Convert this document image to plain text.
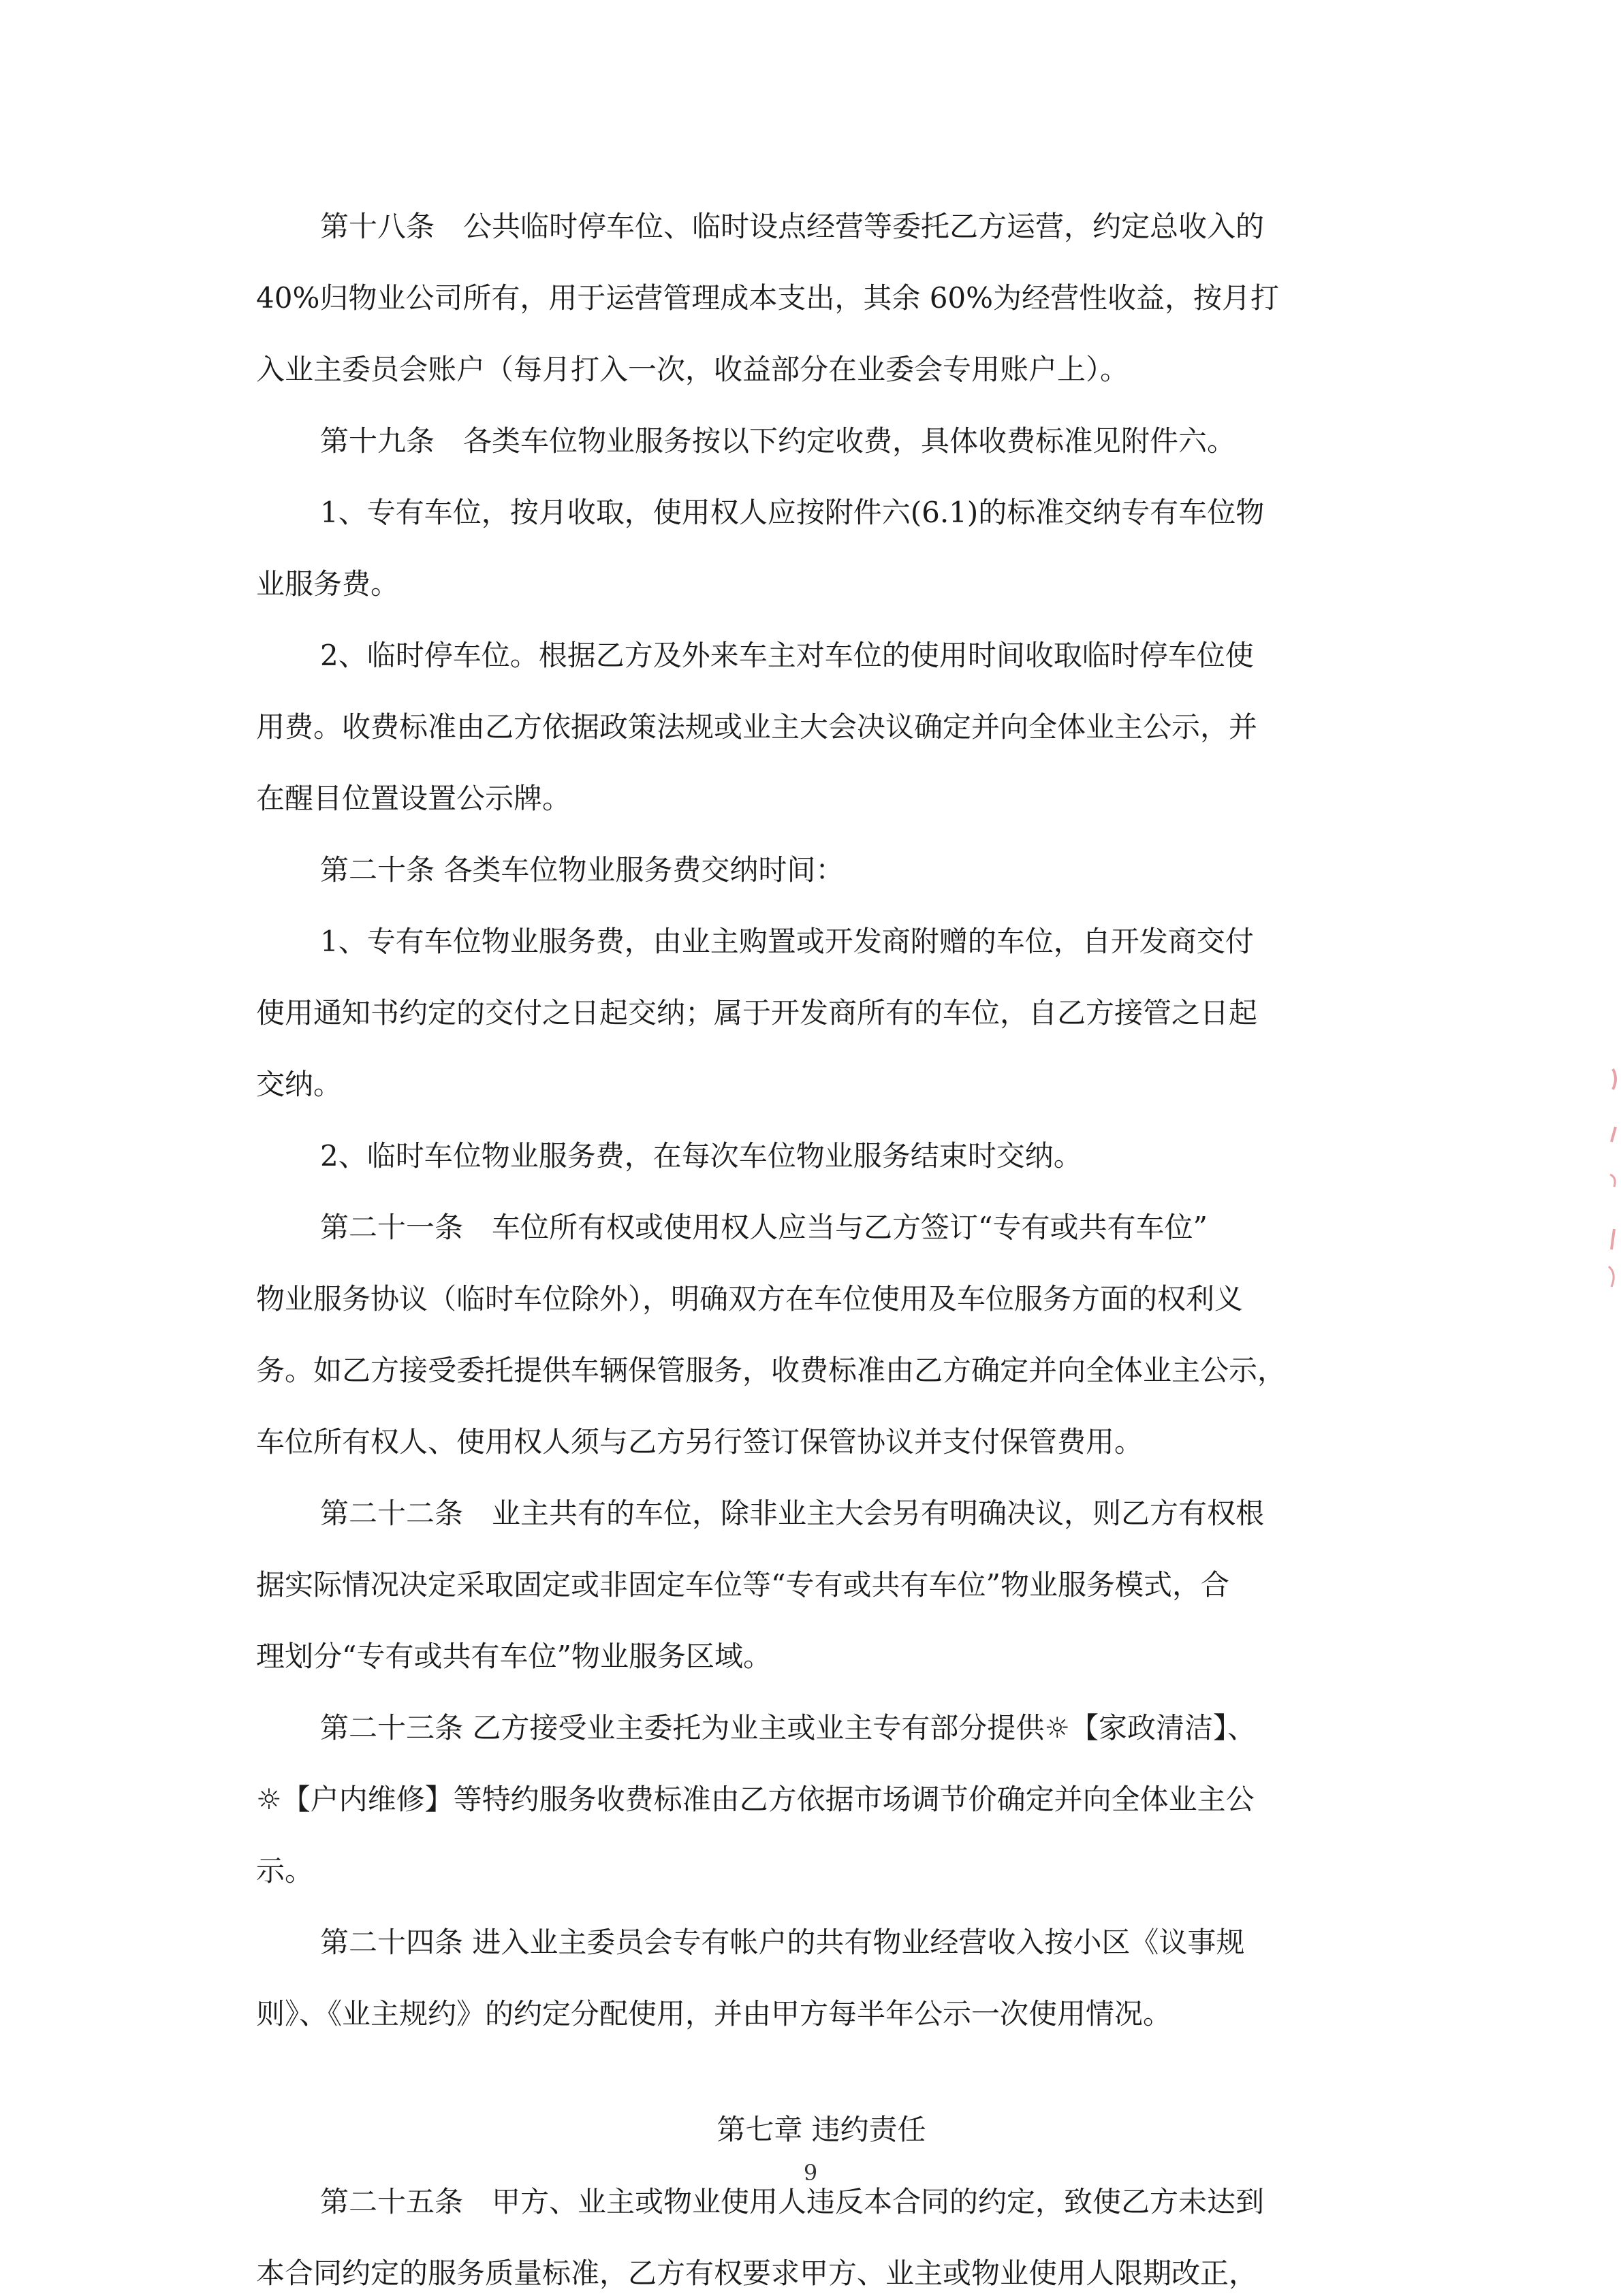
第十八条　公共临时停车位、临时设点经营等委托乙方运营，约定总收入的
40%归物业公司所有，用于运营管理成本支出，其余 60%为经营性收益，按月打
入业主委员会账户（每月打入一次，收益部分在业委会专用账户上）。
第十九条　各类车位物业服务按以下约定收费，具体收费标准见附件六。
1、专有车位，按月收取，使用权人应按附件六(6.1)的标准交纳专有车位物
业服务费。
2、临时停车位。根据乙方及外来车主对车位的使用时间收取临时停车位使
用费。收费标准由乙方依据政策法规或业主大会决议确定并向全体业主公示，并
在醒目位置设置公示牌。
第二十条 各类车位物业服务费交纳时间：
1、专有车位物业服务费，由业主购置或开发商附赠的车位，自开发商交付
使用通知书约定的交付之日起交纳；属于开发商所有的车位，自乙方接管之日起
交纳。
2、临时车位物业服务费，在每次车位物业服务结束时交纳。
第二十一条　车位所有权或使用权人应当与乙方签订“专有或共有车位”
物业服务协议（临时车位除外），明确双方在车位使用及车位服务方面的权利义
务。如乙方接受委托提供车辆保管服务，收费标准由乙方确定并向全体业主公示，
车位所有权人、使用权人须与乙方另行签订保管协议并支付保管费用。
第二十二条　业主共有的车位，除非业主大会另有明确决议，则乙方有权根
据实际情况决定采取固定或非固定车位等“专有或共有车位”物业服务模式，合
理划分“专有或共有车位”物业服务区域。
第二十三条 乙方接受业主委托为业主或业主专有部分提供☼【家政清洁】、
☼【户内维修】等特约服务收费标准由乙方依据市场调节价确定并向全体业主公
示。
第二十四条 进入业主委员会专有帐户的共有物业经营收入按小区《议事规
则》、《业主规约》的约定分配使用，并由甲方每半年公示一次使用情况。
第七章 违约责任
第二十五条　甲方、业主或物业使用人违反本合同的约定，致使乙方未达到
本合同约定的服务质量标准，乙方有权要求甲方、业主或物业使用人限期改正，
9
